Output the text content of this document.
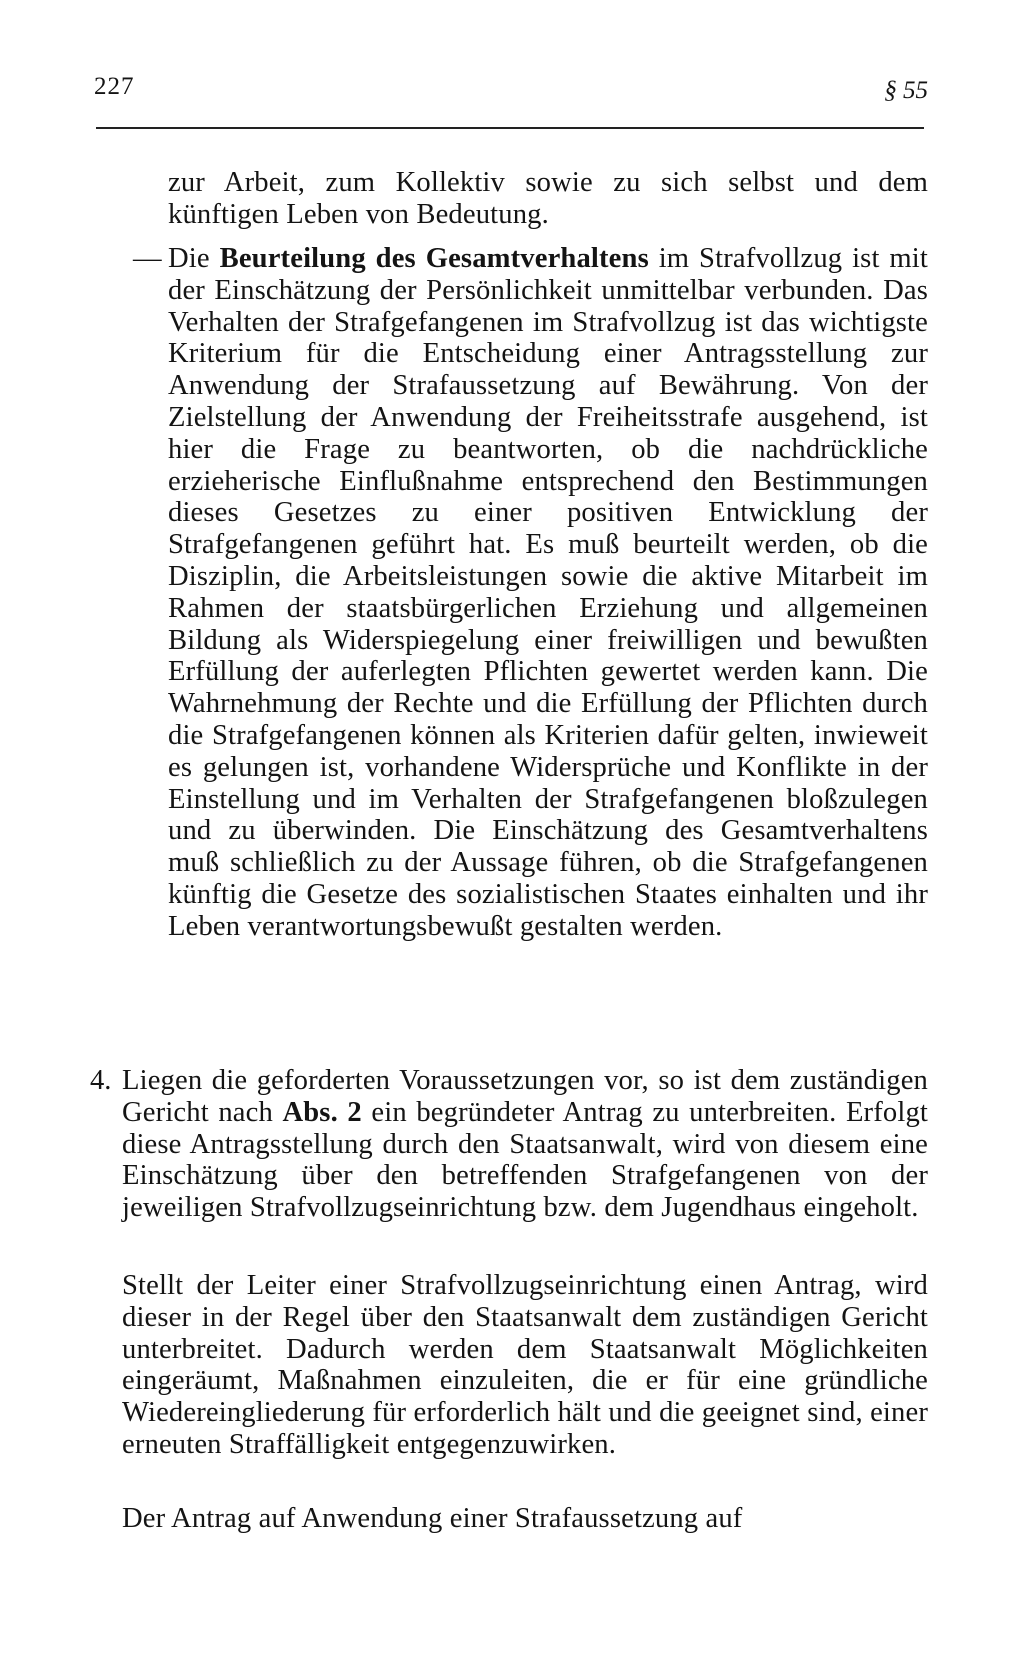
227	§ 55

zur Arbeit, zum Kollektiv sowie zu sich selbst und dem künftigen Leben von Bedeutung.

— Die Beurteilung des Gesamtverhaltens im Strafvollzug ist mit der Einschätzung der Persönlichkeit unmittelbar verbunden. Das Verhalten der Strafgefangenen im Strafvollzug ist das wichtigste Kriterium für die Entscheidung einer Antragsstellung zur Anwendung der Strafaussetzung auf Bewährung. Von der Zielstellung der Anwendung der Freiheitsstrafe ausgehend, ist hier die Frage zu beantworten, ob die nachdrückliche erzieherische Einflußnahme entsprechend den Bestimmungen dieses Gesetzes zu einer positiven Entwicklung der Strafgefangenen geführt hat. Es muß beurteilt werden, ob die Disziplin, die Arbeitsleistungen sowie die aktive Mitarbeit im Rahmen der staatsbürgerlichen Erziehung und allgemeinen Bildung als Widerspiegelung einer freiwilligen und bewußten Erfüllung der auferlegten Pflichten gewertet werden kann. Die Wahrnehmung der Rechte und die Erfüllung der Pflichten durch die Strafgefangenen können als Kriterien dafür gelten, inwieweit es gelungen ist, vorhandene Widersprüche und Konflikte in der Einstellung und im Verhalten der Strafgefangenen bloßzulegen und zu überwinden. Die Einschätzung des Gesamtverhaltens muß schließlich zu der Aussage führen, ob die Strafgefangenen künftig die Gesetze des sozialistischen Staates einhalten und ihr Leben verantwortungsbewußt gestalten werden.

4. Liegen die geforderten Voraussetzungen vor, so ist dem zuständigen Gericht nach Abs. 2 ein begründeter Antrag zu unterbreiten. Erfolgt diese Antragsstellung durch den Staatsanwalt, wird von diesem eine Einschätzung über den betreffenden Strafgefangenen von der jeweiligen Strafvollzugseinrichtung bzw. dem Jugendhaus eingeholt.

Stellt der Leiter einer Strafvollzugseinrichtung einen Antrag, wird dieser in der Regel über den Staatsanwalt dem zuständigen Gericht unterbreitet. Dadurch werden dem Staatsanwalt Möglichkeiten eingeräumt, Maßnahmen einzuleiten, die er für eine gründliche Wiedereingliederung für erforderlich hält und die geeignet sind, einer erneuten Straffälligkeit entgegenzuwirken.

Der Antrag auf Anwendung einer Strafaussetzung auf
